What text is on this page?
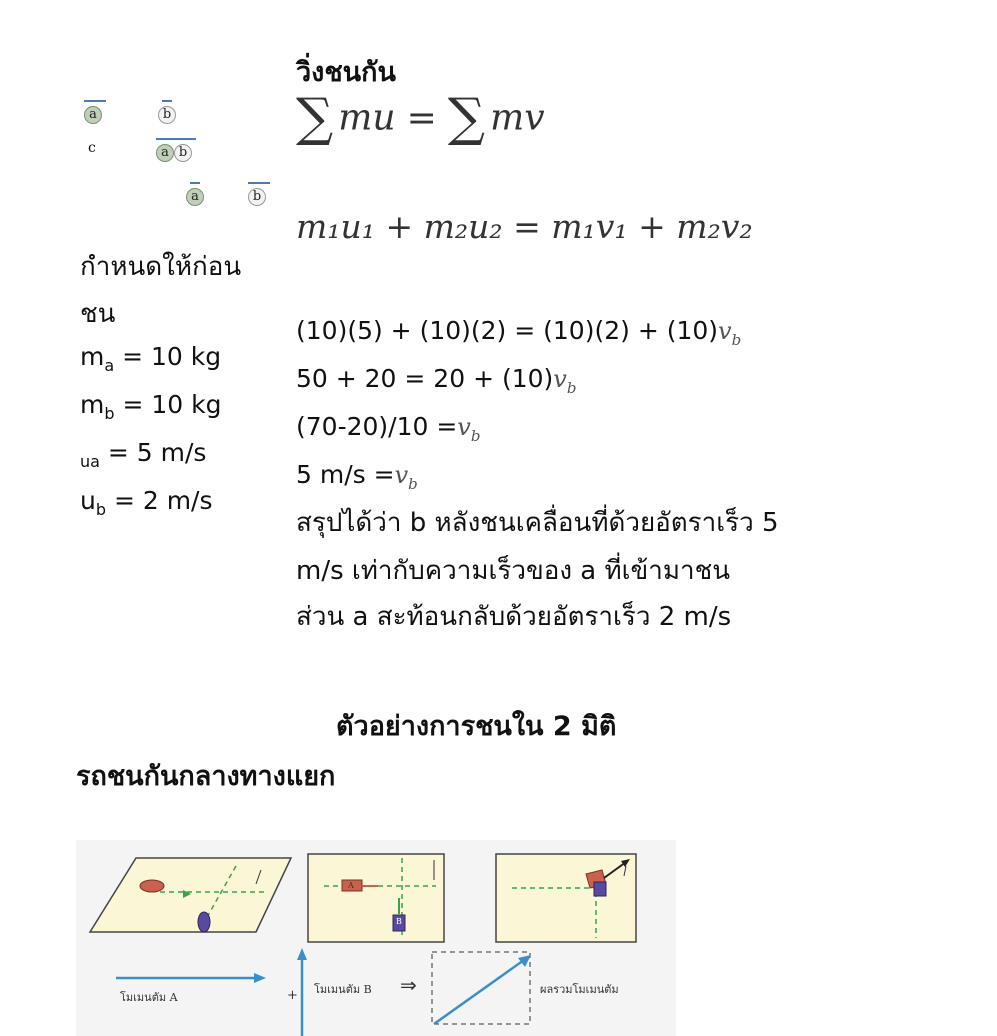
วิ่งชนกัน
∑ mu = ∑ mv
m₁u₁ + m₂u₂ = m₁v₁ + m₂v₂
a	b
c	a b
a	b
กำหนดให้ก่อน
ชน
$m_a = 10$ kg
$m_b = 10$ kg
$_{ua}$ = 5 m/s
$u_b = 2$ m/s
$(10)(5) + (10)(2) = (10)(2) + (10)v_b$
$50 + 20 = 20 + (10)v_b$
$(70-20)/10 =v_b$
5 $m/s =v_b$
สรุปได้ว่า b หลังชนเคลื่อนที่ด้วยอัตราเร็ว 5
m/s เท่ากับความเร็วของ a ที่เข้ามาชน
ส่วน a สะท้อนกลับด้วยอัตราเร็ว 2 m/s
ตัวอย่างการชนใน 2 มิติ
รถชนกันกลางทางแยก
⇒
โมเมนตัม A	+ โมเมนตัม B	ผลรวมโมเมนตัม
A
B
